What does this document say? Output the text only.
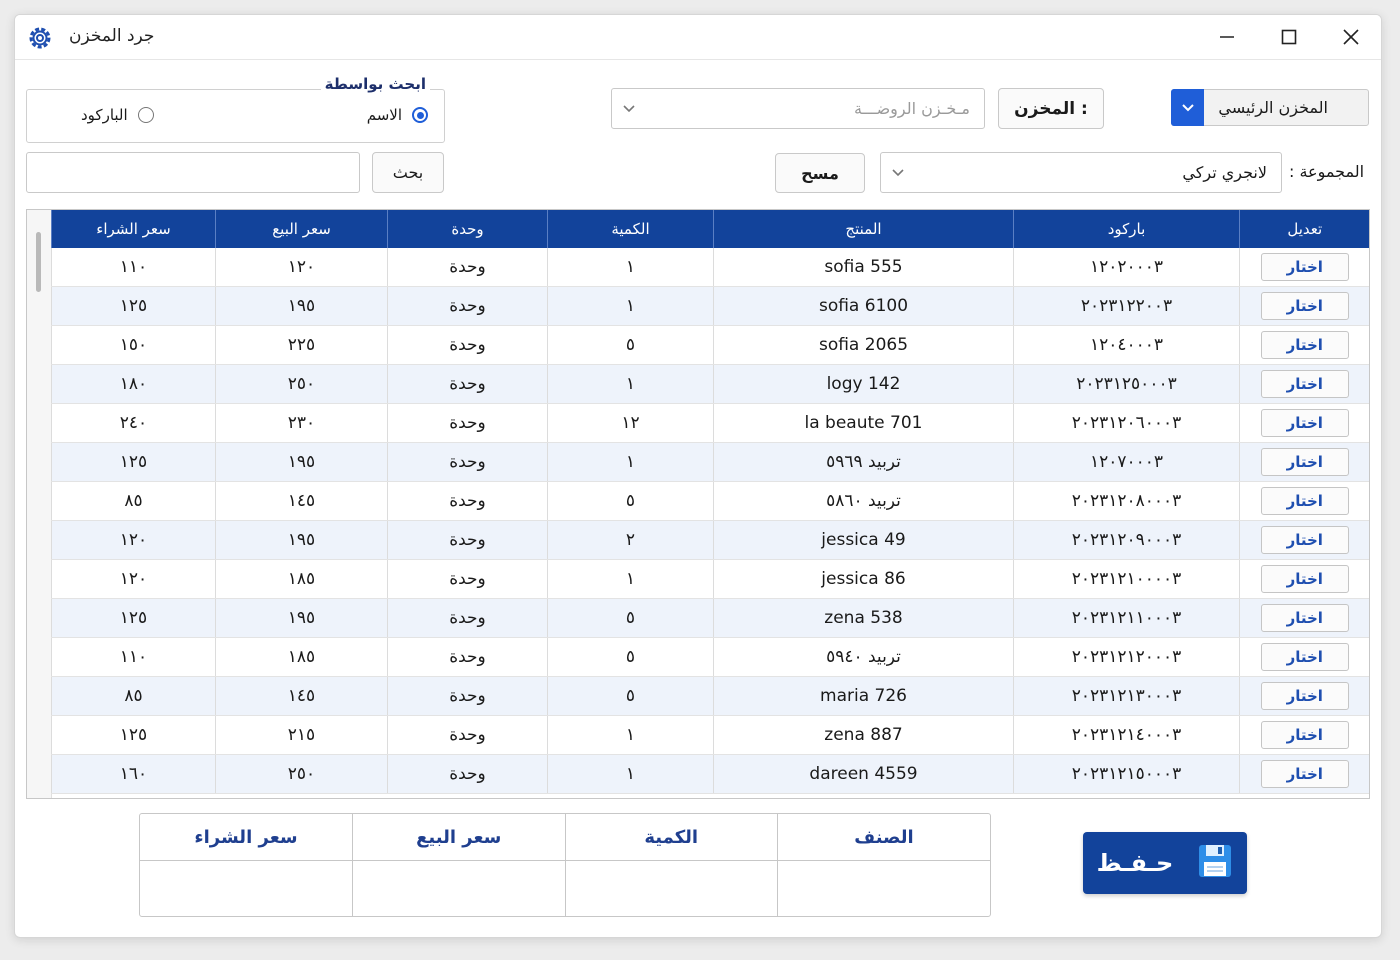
جرد المخزن
ابحث بواسطة
الاسم
الباركود
بحث
مـخـزن الروضـــة	المخزن :	المخزن الرئيسي
مسح	لانجري تركي المجموعة :
تعديل	باركود	المنتج	الكمية	وحدة	سعر البيع	سعر الشراء
اختار	١٢٠٢٠٠٠٣	sofia 555	١	وحدة	١٢٠	١١٠
اختار	٢٠٢٣١٢٢٠٠٣	sofia 6100	١	وحدة	١٩٥	١٢٥
اختار	١٢٠٤٠٠٠٣	sofia 2065	٥	وحدة	٢٢٥	١٥٠
اختار	٢٠٢٣١٢٥٠٠٠٣	logy 142	١	وحدة	٢٥٠	١٨٠
اختار	٢٠٢٣١٢٠٦٠٠٠٣	la beaute 701	١٢	وحدة	٢٣٠	٢٤٠
اختار	١٢٠٧٠٠٠٣	تربيد ٥٩٦٩	١	وحدة	١٩٥	١٢٥
اختار	٢٠٢٣١٢٠٨٠٠٠٣	تربيد ٥٨٦٠	٥	وحدة	١٤٥	٨٥
اختار	٢٠٢٣١٢٠٩٠٠٠٣	jessica 49	٢	وحدة	١٩٥	١٢٠
اختار	٢٠٢٣١٢١٠٠٠٠٣	jessica 86	١	وحدة	١٨٥	١٢٠
اختار	٢٠٢٣١٢١١٠٠٠٣	zena 538	٥	وحدة	١٩٥	١٢٥
اختار	٢٠٢٣١٢١٢٠٠٠٣	تربيد ٥٩٤٠	٥	وحدة	١٨٥	١١٠
اختار	٢٠٢٣١٢١٣٠٠٠٣	maria 726	٥	وحدة	١٤٥	٨٥
اختار	٢٠٢٣١٢١٤٠٠٠٣	zena 887	١	وحدة	٢١٥	١٢٥
اختار	٢٠٢٣١٢١٥٠٠٠٣	dareen 4559	١	وحدة	٢٥٠	١٦٠
الصنف	الكمية	سعر البيع	سعر الشراء

حـفـظ
